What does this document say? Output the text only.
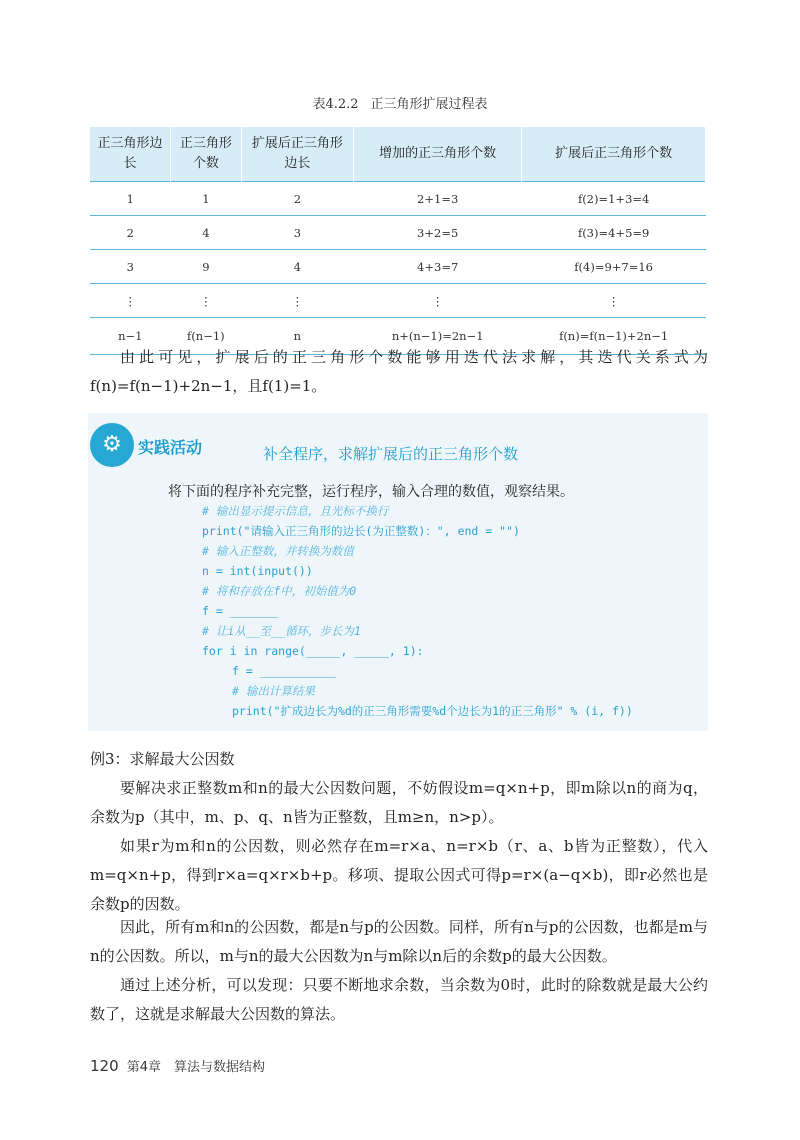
表4.2.2 正三角形扩展过程表
正三角形边长	正三角形个数	扩展后正三角形边长	增加的正三角形个数	扩展后正三角形个数
1	1	2	2+1=3	f(2)=1+3=4
2	4	3	3+2=5	f(3)=4+5=9
3	9	4	4+3=7	f(4)=9+7=16
⋮	⋮	⋮	⋮	⋮
n−1	f(n−1)	n	n+(n−1)=2n−1	f(n)=f(n−1)+2n−1

由此可见，扩展后的正三角形个数能够用迭代法求解，其迭代关系式为f(n)=f(n−1)+2n−1，且f(1)=1。

⚙	实践活动	补全程序，求解扩展后的正三角形个数
将下面的程序补充完整，运行程序，输入合理的数值，观察结果。
# 输出显示提示信息，且光标不换行
print("请输入正三角形的边长(为正整数)：", end = "")
# 输入正整数，并转换为数值
n = int(input())
# 将和存放在f中，初始值为0
f = _______
# 让i从__至__循环，步长为1
for i in range(_____, _____, 1):
f = ___________
# 输出计算结果
print("扩成边长为%d的正三角形需要%d个边长为1的正三角形" % (i, f))
例3：求解最大公因数

要解决求正整数m和n的最大公因数问题，不妨假设m=q×n+p，即m除以n的商为q，余数为p（其中，m、p、q、n皆为正整数，且m≥n，n>p）。

如果r为m和n的公因数，则必然存在m=r×a、n=r×b（r、a、b皆为正整数），代入m=q×n+p，得到r×a=q×r×b+p。移项、提取公因式可得p=r×(a−q×b)，即r必然也是余数p的因数。

因此，所有m和n的公因数，都是n与p的公因数。同样，所有n与p的公因数，也都是m与n的公因数。所以，m与n的最大公因数为n与m除以n后的余数p的最大公因数。

通过上述分析，可以发现：只要不断地求余数，当余数为0时，此时的除数就是最大公约数了，这就是求解最大公因数的算法。

120 第4章　算法与数据结构
